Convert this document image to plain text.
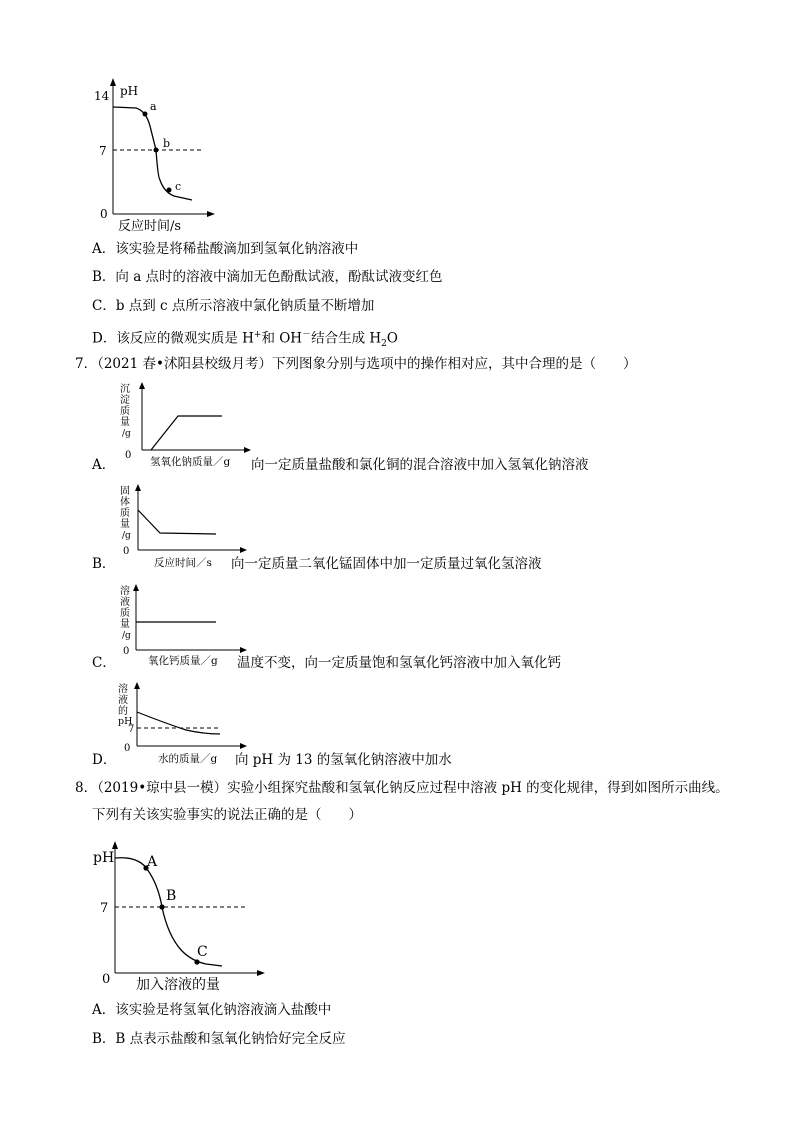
a
b
c
pH
14
7
0
反应时间/s
A．该实验是将稀盐酸滴加到氢氧化钠溶液中
B．向 a 点时的溶液中滴加无色酚酞试液，酚酞试液变红色
C．b 点到 c 点所示溶液中氯化钠质量不断增加
D．该反应的微观实质是 H+和 OH－结合生成 $H_2O$
7．（2021 春•沭阳县校级月考）下列图象分别与选项中的操作相对应，其中合理的是（　　）
沉
淀
质
量
/g
0
氢氧化钠质量／g
A．	向一定质量盐酸和氯化铜的混合溶液中加入氢氧化钠溶液
固
体
质
量
/g
0
反应时间／s
B．	向一定质量二氧化锰固体中加一定质量过氧化氢溶液
溶
液
质
量
/g
0
氧化钙质量／g
C．	温度不变，向一定质量饱和氢氧化钙溶液中加入氧化钙
溶
液
的
pH
7
0
水的质量／g
D．	向 pH 为 13 的氢氧化钠溶液中加水
8．（2019•琼中县一模）实验小组探究盐酸和氢氧化钠反应过程中溶液 pH 的变化规律，得到如图所示曲线。
下列有关该实验事实的说法正确的是（　　）
A
B
C
pH
7
0 加入溶液的量
A．该实验是将氢氧化钠溶液滴入盐酸中
B．B 点表示盐酸和氢氧化钠恰好完全反应
